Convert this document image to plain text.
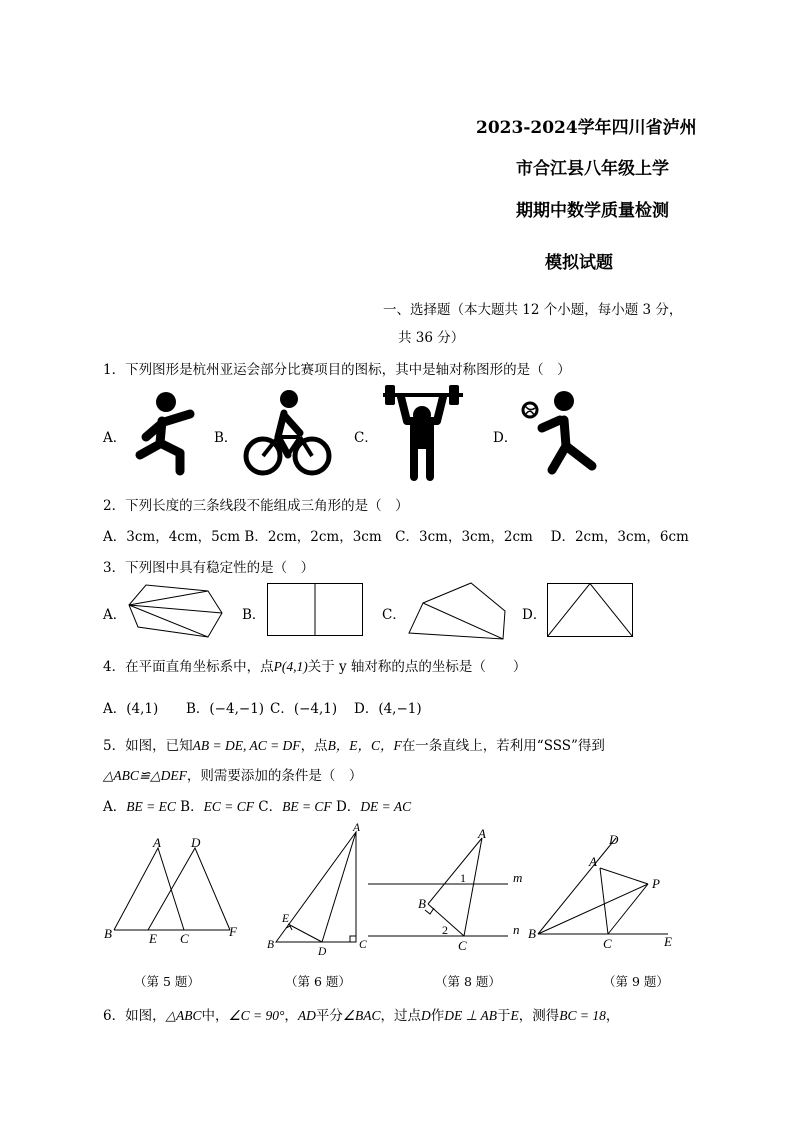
2023-2024学年四川省泸州
市合江县八年级上学
期期中数学质量检测
模拟试题
一、选择题（本大题共 12 个小题，每小题 3 分，
共 36 分）
1．下列图形是杭州亚运会部分比赛项目的图标，其中是轴对称图形的是（　）
A．	B．	C．	D．
2．下列长度的三条线段不能组成三角形的是（　）
A．3cm，4cm，5cm B．2cm，2cm，3cm　C．3cm，3cm，2cm　 D．2cm，3cm，6cm
3．下列图中具有稳定性的是（　）
A．	B．	C．	D．
4．在平面直角坐标系中，点P(4,1)关于 y 轴对称的点的坐标是（　　）
A．(4,1) B．(−4,−1) C．(−4,1) D．(4,−1)
5．如图，已知AB = DE, AC = DF，点B，E，C，F在一条直线上，若利用“SSS”得到
△ABC≌△DEF，则需要添加的条件是（　）
A．BE = EC B．EC = CF C．BE = CF D．DE = AC
A D
B	E C	F
（第 5 题）
A
E
B
D
C
（第 6 题）
A
B
C
m
n
1
2
（第 8 题）
D
A
P
B
C	E
（第 9 题）
6．如图，△ABC中，∠C = 90°，AD平分∠BAC，过点D作DE ⊥ AB于E，测得BC = 18，
